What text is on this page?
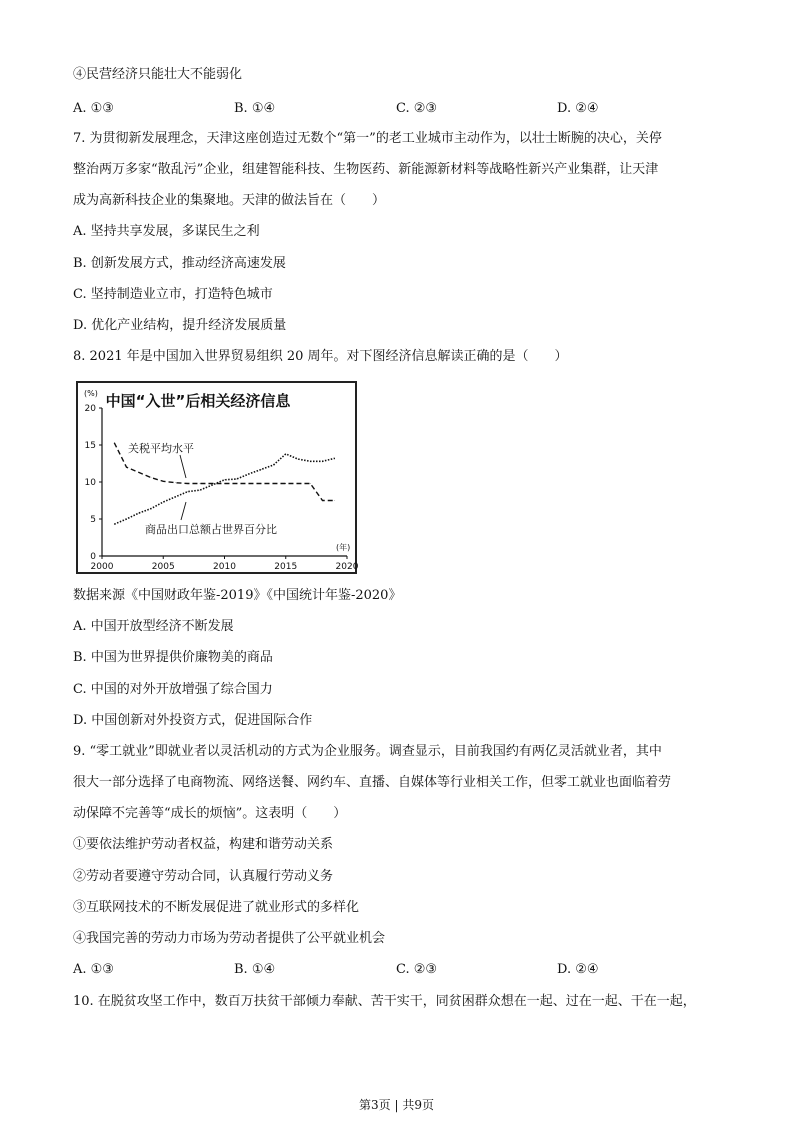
④民营经济只能壮大不能弱化
A. ①③	B. ①④	C. ②③	D. ②④
7. 为贯彻新发展理念，天津这座创造过无数个“第一”的老工业城市主动作为，以壮士断腕的决心，关停
整治两万多家“散乱污”企业，组建智能科技、生物医药、新能源新材料等战略性新兴产业集群，让天津
成为高新科技企业的集聚地。天津的做法旨在（　　）
A. 坚持共享发展，多谋民生之利
B. 创新发展方式，推动经济高速发展
C. 坚持制造业立市，打造特色城市
D. 优化产业结构，提升经济发展质量
8. 2021 年是中国加入世界贸易组织 20 周年。对下图经济信息解读正确的是（　　）
中国“入世”后相关经济信息
(%)
(年)
0
5
10
15
20
2000	2005	2010	2015	2020
关税平均水平
商品出口总额占世界百分比
数据来源《中国财政年鉴-2019》《中国统计年鉴-2020》
A. 中国开放型经济不断发展
B. 中国为世界提供价廉物美的商品
C. 中国的对外开放增强了综合国力
D. 中国创新对外投资方式，促进国际合作
9. “零工就业”即就业者以灵活机动的方式为企业服务。调查显示，目前我国约有两亿灵活就业者，其中
很大一部分选择了电商物流、网络送餐、网约车、直播、自媒体等行业相关工作，但零工就业也面临着劳
动保障不完善等“成长的烦恼”。这表明（　　）
①要依法维护劳动者权益，构建和谐劳动关系
②劳动者要遵守劳动合同，认真履行劳动义务
③互联网技术的不断发展促进了就业形式的多样化
④我国完善的劳动力市场为劳动者提供了公平就业机会
A. ①③	B. ①④	C. ②③	D. ②④
10. 在脱贫攻坚工作中，数百万扶贫干部倾力奉献、苦干实干，同贫困群众想在一起、过在一起、干在一起，
第3页 | 共9页
